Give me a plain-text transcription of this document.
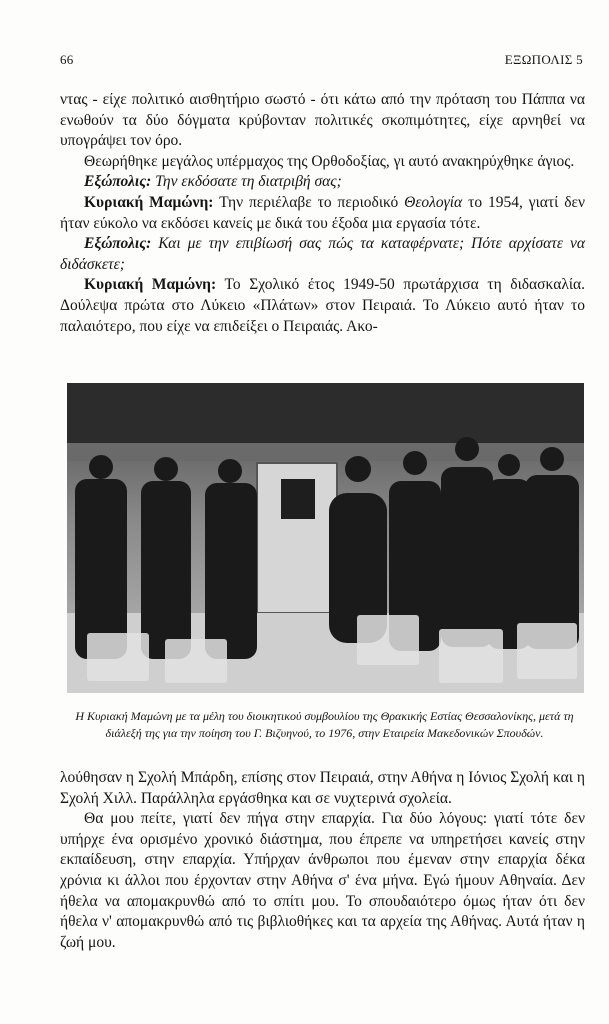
66	ΕΞΩΠΟΛΙΣ 5

ντας - είχε πολιτικό αισθητήριο σωστό - ότι κάτω από την πρόταση του Πάππα να ενωθούν τα δύο δόγματα κρύβονταν πολιτικές σκοπιμότητες, είχε αρνηθεί να υπογράψει τον όρο.

Θεωρήθηκε μεγάλος υπέρμαχος της Ορθοδοξίας, γι αυτό ανακηρύχθηκε άγιος.

Εξώπολις: Την εκδόσατε τη διατριβή σας;

Κυριακή Μαμώνη: Την περιέλαβε το περιοδικό Θεολογία το 1954, γιατί δεν ήταν εύκολο να εκδόσει κανείς με δικά του έξοδα μια εργασία τότε.

Εξώπολις: Και με την επιβίωσή σας πώς τα καταφέρνατε; Πότε αρχίσατε να διδάσκετε;

Κυριακή Μαμώνη: Το Σχολικό έτος 1949-50 πρωτάρχισα τη διδασκαλία. Δούλεψα πρώτα στο Λύκειο «Πλάτων» στον Πειραιά. Το Λύκειο αυτό ήταν το παλαιότερο, που είχε να επιδείξει ο Πειραιάς. Ακο-

Η Κυριακή Μαμώνη με τα μέλη του διοικητικού συμβουλίου της Θρακικής Εστίας Θεσσαλονίκης, μετά τη διάλεξή της για την ποίηση του Γ. Βιζυηνού, το 1976, στην Εταιρεία Μακεδονικών Σπουδών.

λούθησαν η Σχολή Μπάρδη, επίσης στον Πειραιά, στην Αθήνα η Ιόνιος Σχολή και η Σχολή Χιλλ. Παράλληλα εργάσθηκα και σε νυχτερινά σχολεία.

Θα μου πείτε, γιατί δεν πήγα στην επαρχία. Για δύο λόγους: γιατί τότε δεν υπήρχε ένα ορισμένο χρονικό διάστημα, που έπρεπε να υπηρετήσει κανείς στην εκπαίδευση, στην επαρχία. Υπήρχαν άνθρωποι που έμεναν στην επαρχία δέκα χρόνια κι άλλοι που έρχονταν στην Αθήνα σ' ένα μήνα. Εγώ ήμουν Αθηναία. Δεν ήθελα να απομακρυνθώ από το σπίτι μου. Το σπουδαιότερο όμως ήταν ότι δεν ήθελα ν' απομακρυνθώ από τις βιβλιοθήκες και τα αρχεία της Αθήνας. Αυτά ήταν η ζωή μου.
